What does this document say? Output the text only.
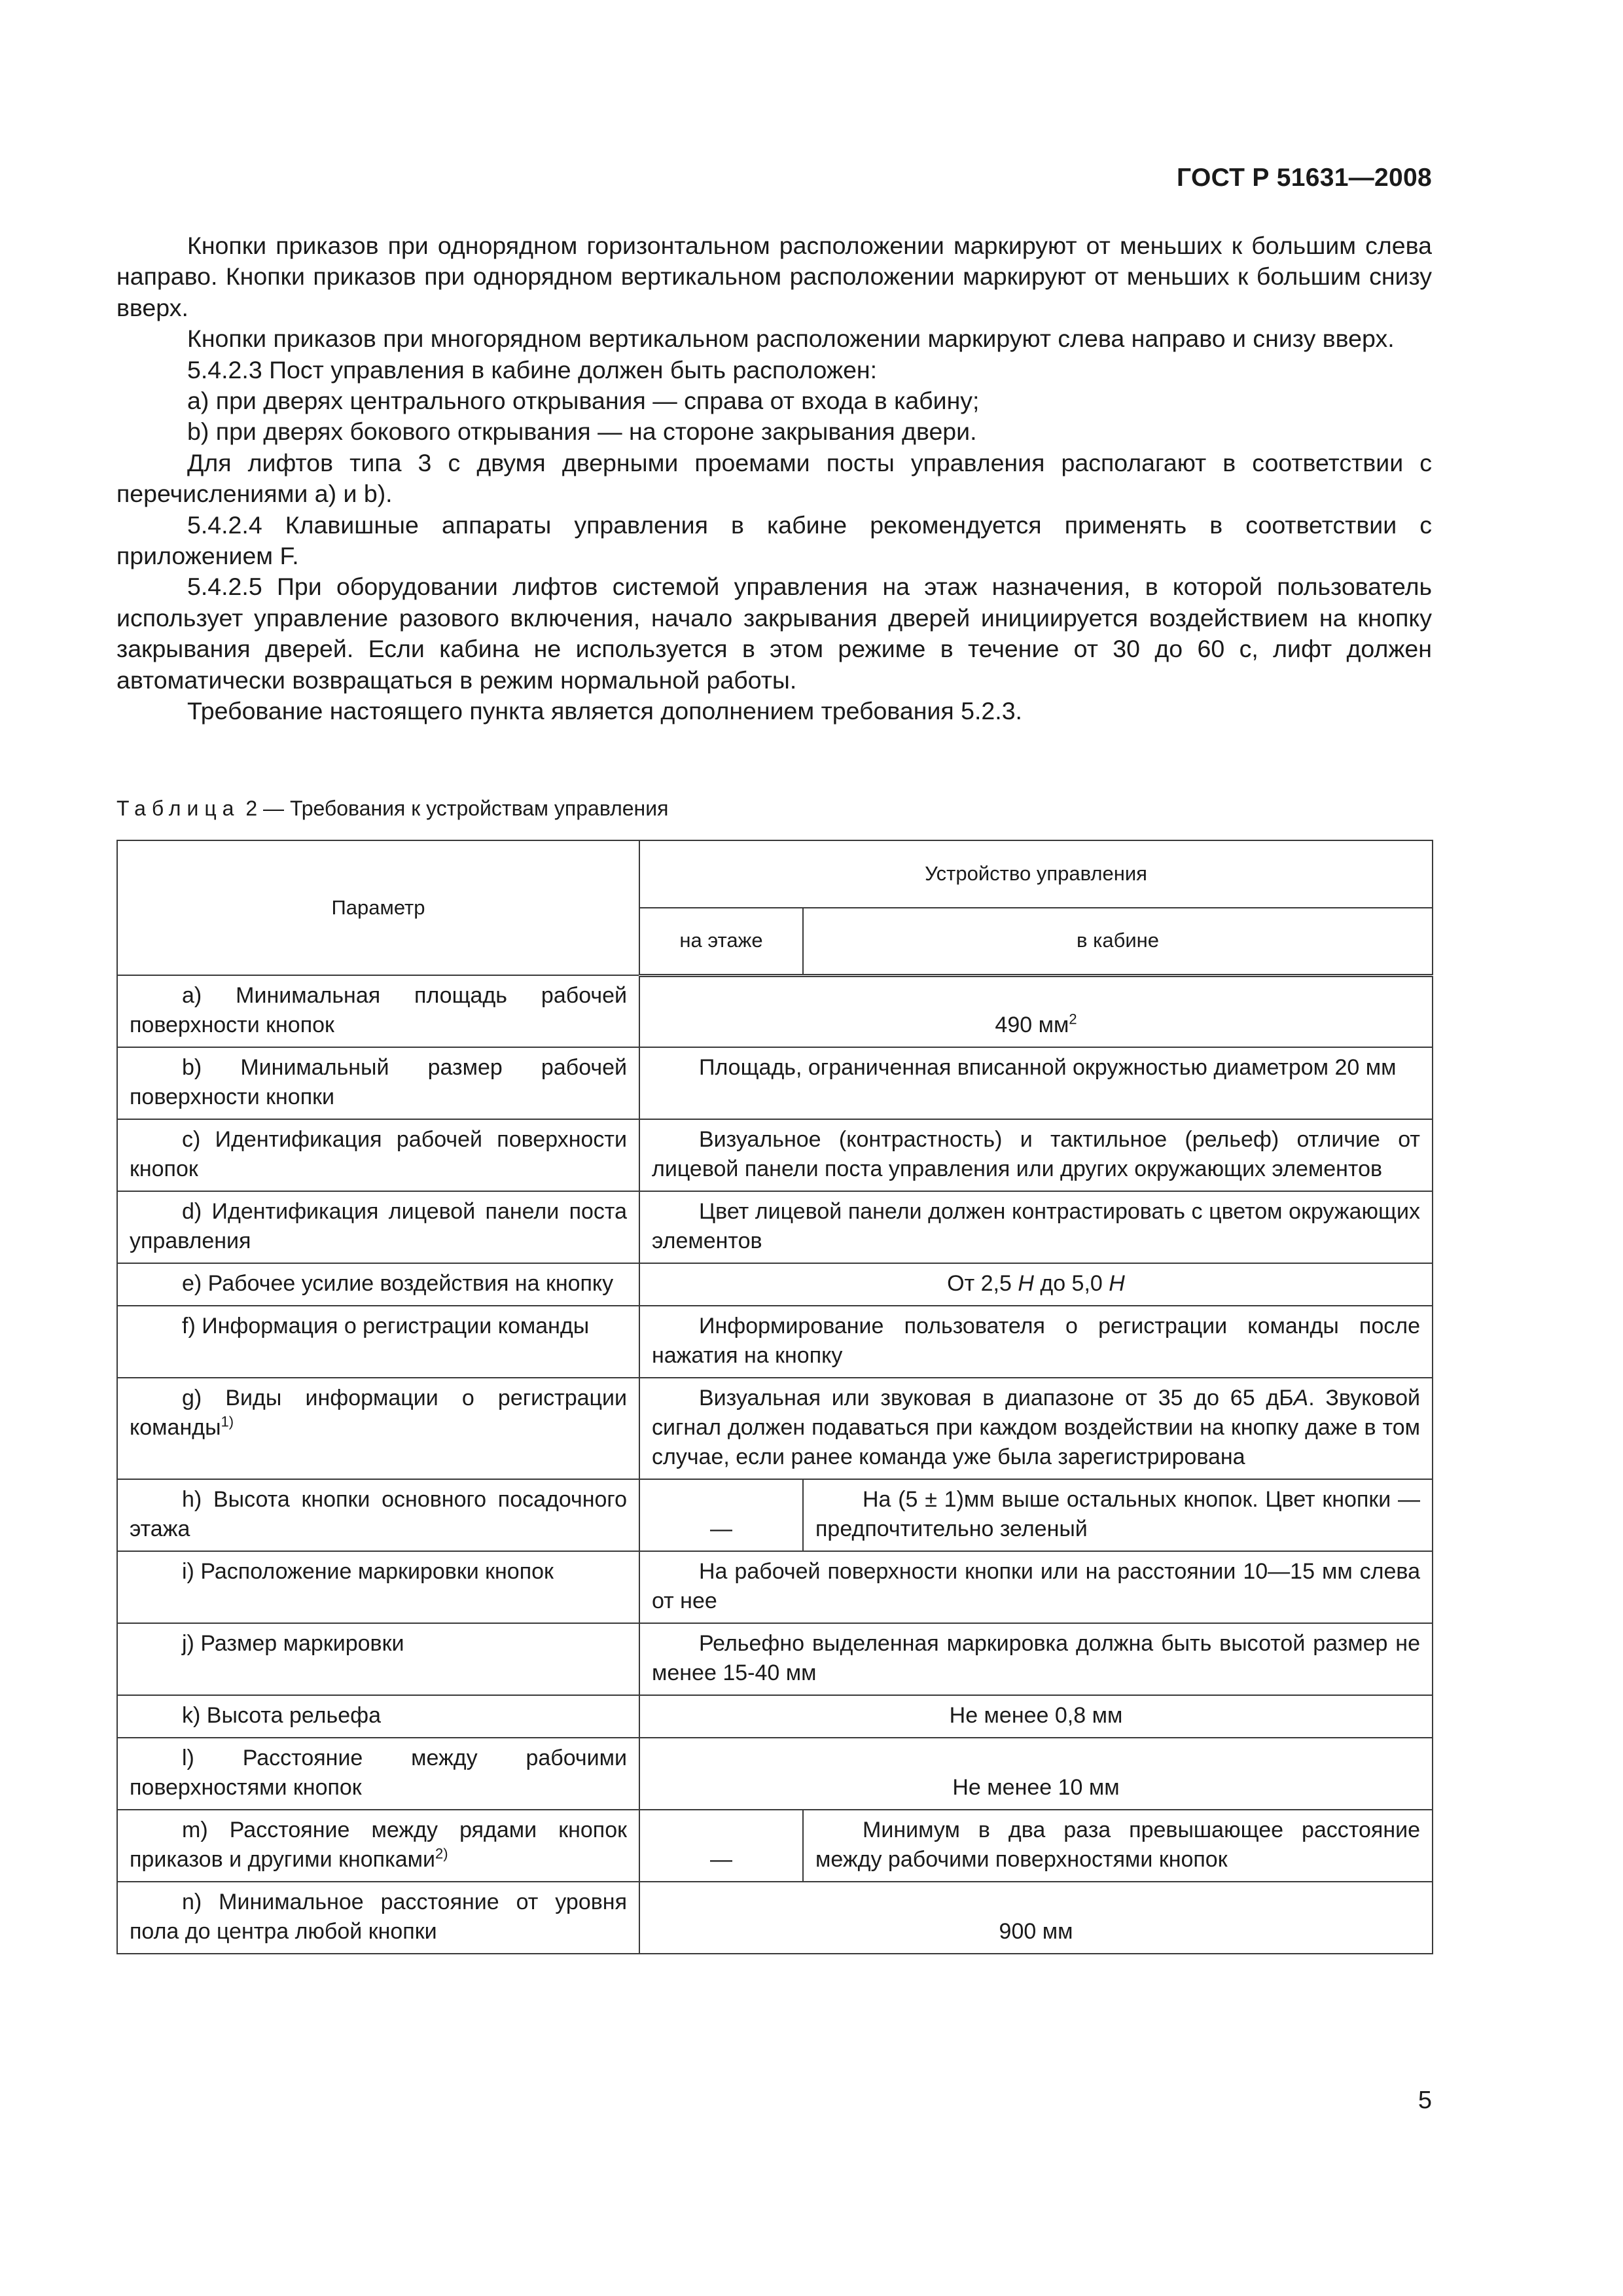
ГОСТ Р 51631—2008

Кнопки приказов при однорядном горизонтальном расположении маркируют от меньших к большим слева направо. Кнопки приказов при однорядном вертикальном расположении маркируют от меньших к большим снизу вверх.

Кнопки приказов при многорядном вертикальном расположении маркируют слева направо и снизу вверх.

5.4.2.3 Пост управления в кабине должен быть расположен:

a) при дверях центрального открывания — справа от входа в кабину;

b) при дверях бокового открывания — на стороне закрывания двери.

Для лифтов типа 3 с двумя дверными проемами посты управления располагают в соответствии с перечислениями a) и b).

5.4.2.4 Клавишные аппараты управления в кабине рекомендуется применять в соответствии с приложением F.

5.4.2.5 При оборудовании лифтов системой управления на этаж назначения, в которой пользователь использует управление разового включения, начало закрывания дверей инициируется воздействием на кнопку закрывания дверей. Если кабина не используется в этом режиме в течение от 30 до 60 с, лифт должен автоматически возвращаться в режим нормальной работы.

Требование настоящего пункта является дополнением требования 5.2.3.

Таблица 2 — Требования к устройствам управления
Параметр	Устройство управления	
	на этаже	в кабине
a) Минимальная площадь рабочей поверхности кнопок	490 $мм^2$
b) Минимальный размер рабочей поверхности кнопки	Площадь, ограниченная вписанной окружностью диаметром 20 мм	
c) Идентификация рабочей поверхности кнопок	Визуальное (контрастность) и тактильное (рельеф) отличие от лицевой панели поста управления или других окружающих элементов	
d) Идентификация лицевой панели поста управления	Цвет лицевой панели должен контрастировать с цветом окружающих элементов	
e) Рабочее усилие воздействия на кнопку	От 2,5 Н до 5,0 Н	
f) Информация о регистрации команды	Информирование пользователя о регистрации команды после нажатия на кнопку	
g) Виды информации о регистрации команды$^{1)}$	Визуальная или звуковая в диапазоне от 35 до 65 дБА. Звуковой сигнал должен подаваться при каждом воздействии на кнопку даже в том случае, если ранее команда уже была зарегистрирована	
h) Высота кнопки основного посадочного этажа	—	На (5 ± 1)мм выше остальных кнопок. Цвет кнопки — предпочтительно зеленый
i) Расположение маркировки кнопок	На рабочей поверхности кнопки или на расстоянии 10—15 мм слева от нее	
j) Размер маркировки	Рельефно выделенная маркировка должна быть высотой размер не менее 15-40 мм	
k) Высота рельефа	Не менее 0,8 мм	
l) Расстояние между рабочими поверхностями кнопок	Не менее 10 мм	
m) Расстояние между рядами кнопок приказов и другими кнопками$^{2)}$	—	Минимум в два раза превышающее расстояние между рабочими поверхностями кнопок
n) Минимальное расстояние от уровня пола до центра любой кнопки	900 мм	
5
